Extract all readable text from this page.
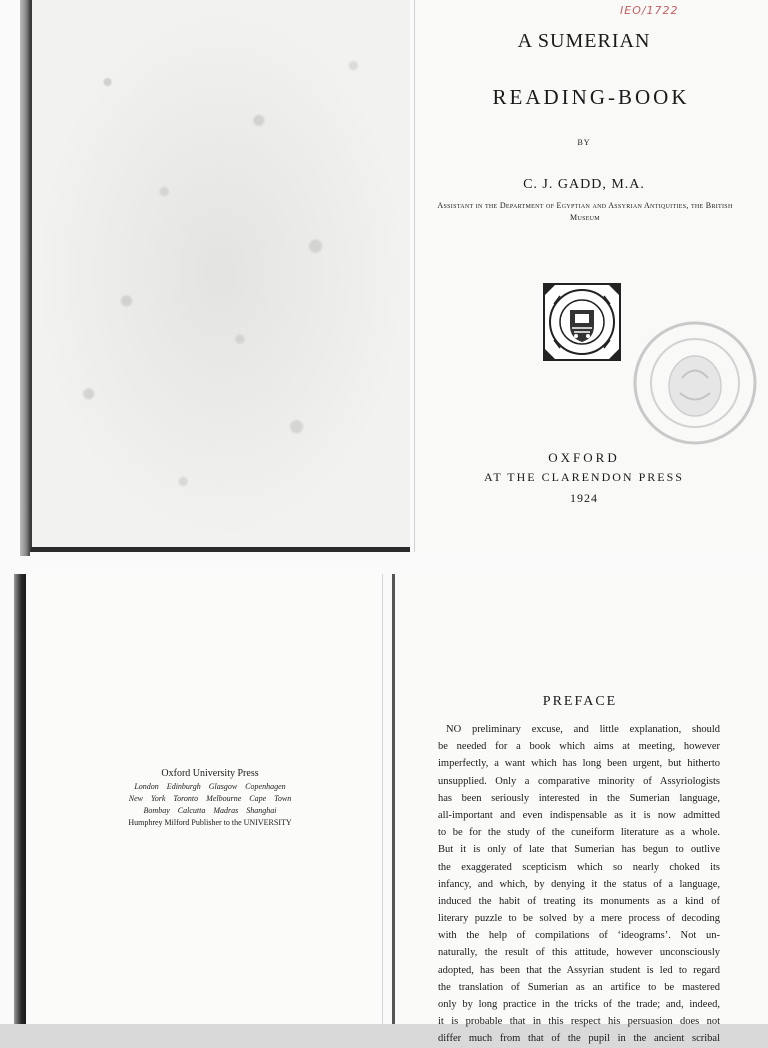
IEO/1722
A SUMERIAN
READING-BOOK
BY
C. J. GADD, M.A.
Assistant in the Department of Egyptian and Assyrian Antiquities, the British Museum
OXFORD
AT THE CLARENDON PRESS
1924
Oxford University Press
London Edinburgh Glasgow Copenhagen
New York Toronto Melbourne Cape Town
Bombay Calcutta Madras Shanghai
Humphrey Milford Publisher to the UNIVERSITY
PREFACE
NO preliminary excuse, and little explanation, should
be needed for a book which aims at meeting, however
imperfectly, a want which has long been urgent, but hitherto
unsupplied. Only a comparative minority of Assyriologists
has been seriously interested in the Sumerian language,
all-important and even indispensable as it is now admitted
to be for the study of the cuneiform literature as a whole.
But it is only of late that Sumerian has begun to outlive
the exaggerated scepticism which so nearly choked its
infancy, and which, by denying it the status of a language,
induced the habit of treating its monuments as a kind of
literary puzzle to be solved by a mere process of decoding
with the help of compilations of ‘ideograms’. Not un-
naturally, the result of this attitude, however unconsciously
adopted, has been that the Assyrian student is led to regard
the translation of Sumerian as an artifice to be mastered
only by long practice in the tricks of the trade; and, indeed,
it is probable that in this respect his persuasion does not
differ much from that of the pupil in the ancient scribal
